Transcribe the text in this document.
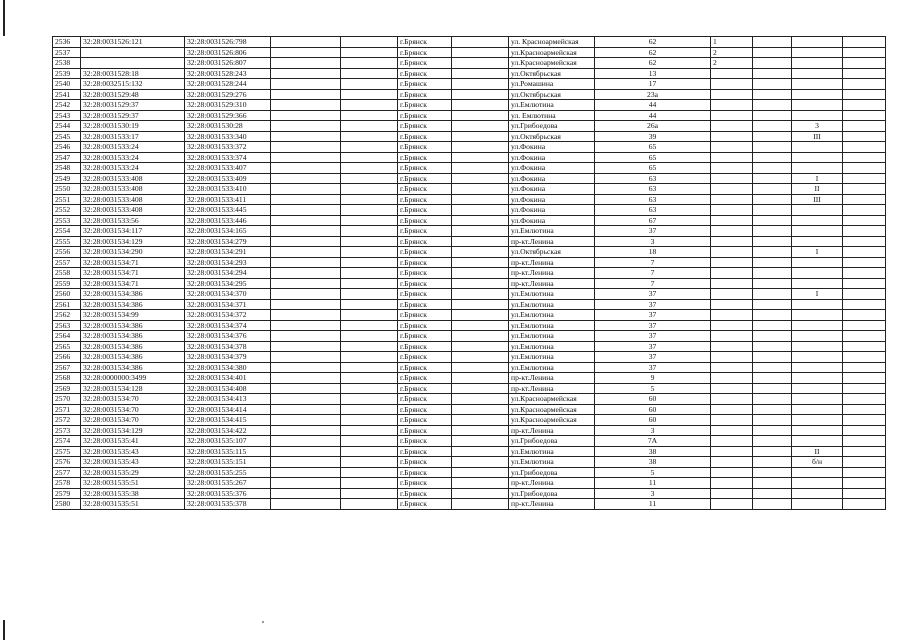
2536	32:28:0031526:121	32:28:0031526:798			г.Брянск		ул. Красноармейская	62	1			
2537		32:28:0031526:806			г.Брянск		ул.Красноармейская	62	2			
2538		32:28:0031526:807			г.Брянск		ул.Красноармейская	62	2			
2539	32:28:0031528:18	32:28:0031528:243			г.Брянск		ул.Октябрьская	13				
2540	32:28:0032515:132	32:28:0031528:244			г.Брянск		ул.Ромашина	17				
2541	32:28:0031529:48	32:28:0031529:276			г.Брянск		ул.Октябрьская	23а				
2542	32:28:0031529:37	32:28:0031529:310			г.Брянск		ул.Емлютина	44				
2543	32:28:0031529:37	32:28:0031529:366			г.Брянск		ул. Емлютина	44				
2544	32:28:0031530:19	32:28:0031530:28			г.Брянск		ул.Грибоедова	26а			3	
2545	32:28:0031533:17	32:28:0031533:340			г.Брянск		ул.Октябрьская	39			III	
2546	32:28:0031533:24	32:28:0031533:372			г.Брянск		ул.Фокина	65				
2547	32:28:0031533:24	32:28:0031533:374			г.Брянск		ул.Фокина	65				
2548	32:28:0031533:24	32:28:0031533:407			г.Брянск		ул.Фокина	65				
2549	32:28:0031533:408	32:28:0031533:409			г.Брянск		ул.Фокина	63			I	
2550	32:28:0031533:408	32:28:0031533:410			г.Брянск		ул.Фокина	63			II	
2551	32:28:0031533:408	32:28:0031533:411			г.Брянск		ул.Фокина	63			III	
2552	32:28:0031533:408	32:28:0031533:445			г.Брянск		ул.Фокина	63				
2553	32:28:0031533:56	32:28:0031533:446			г.Брянск		ул.Фокина	67				
2554	32:28:0031534:117	32:28:0031534:165			г.Брянск		ул.Емлютина	37				
2555	32:28:0031534:129	32:28:0031534:279			г.Брянск		пр-кт.Ленина	3				
2556	32:28:0031534:290	32:28:0031534:291			г.Брянск		ул.Октябрьская	18			I	
2557	32:28:0031534:71	32:28:0031534:293			г.Брянск		пр-кт.Ленина	7				
2558	32:28:0031534:71	32:28:0031534:294			г.Брянск		пр-кт.Ленина	7				
2559	32:28:0031534:71	32:28:0031534:295			г.Брянск		пр-кт.Ленина	7				
2560	32:28:0031534:386	32:28:0031534:370			г.Брянск		ул.Емлютина	37			I	
2561	32:28:0031534:386	32:28:0031534:371			г.Брянск		ул.Емлютина	37				
2562	32:28:0031534:99	32:28:0031534:372			г.Брянск		ул.Емлютина	37				
2563	32:28:0031534:386	32:28:0031534:374			г.Брянск		ул.Емлютина	37				
2564	32:28:0031534:386	32:28:0031534:376			г.Брянск		ул.Емлютина	37				
2565	32:28:0031534:386	32:28:0031534:378			г.Брянск		ул.Емлютина	37				
2566	32:28:0031534:386	32:28:0031534:379			г.Брянск		ул.Емлютина	37				
2567	32:28:0031534:386	32:28:0031534:380			г.Брянск		ул.Емлютина	37				
2568	32:28:0000000:3499	32:28:0031534:401			г.Брянск		пр-кт.Ленина	9				
2569	32:28:0031534:128	32:28:0031534:408			г.Брянск		пр-кт.Ленина	5				
2570	32:28:0031534:70	32:28:0031534:413			г.Брянск		ул.Красноармейская	60				
2571	32:28:0031534:70	32:28:0031534:414			г.Брянск		ул.Красноармейская	60				
2572	32:28:0031534:70	32:28:0031534:415			г.Брянск		ул.Красноармейская	60				
2573	32:28:0031534:129	32:28:0031534:422			г.Брянск		пр-кт.Ленина	3				
2574	32:28:0031535:41	32:28:0031535:107			г.Брянск		ул.Грибоедова	7А				
2575	32:28:0031535:43	32:28:0031535:115			г.Брянск		ул.Емлютина	38			II	
2576	32:28:0031535:43	32:28:0031535:151			г.Брянск		ул.Емлютина	38			б/н	
2577	32:28:0031535:29	32:28:0031535:255			г.Брянск		ул.Грибоедова	5				
2578	32:28:0031535:51	32:28:0031535:267			г.Брянск		пр-кт.Ленина	11				
2579	32:28:0031535:38	32:28:0031535:376			г.Брянск		ул.Грибоедова	3				
2580	32:28:0031535:51	32:28:0031535:378			г.Брянск		пр-кт.Ленина	11				
